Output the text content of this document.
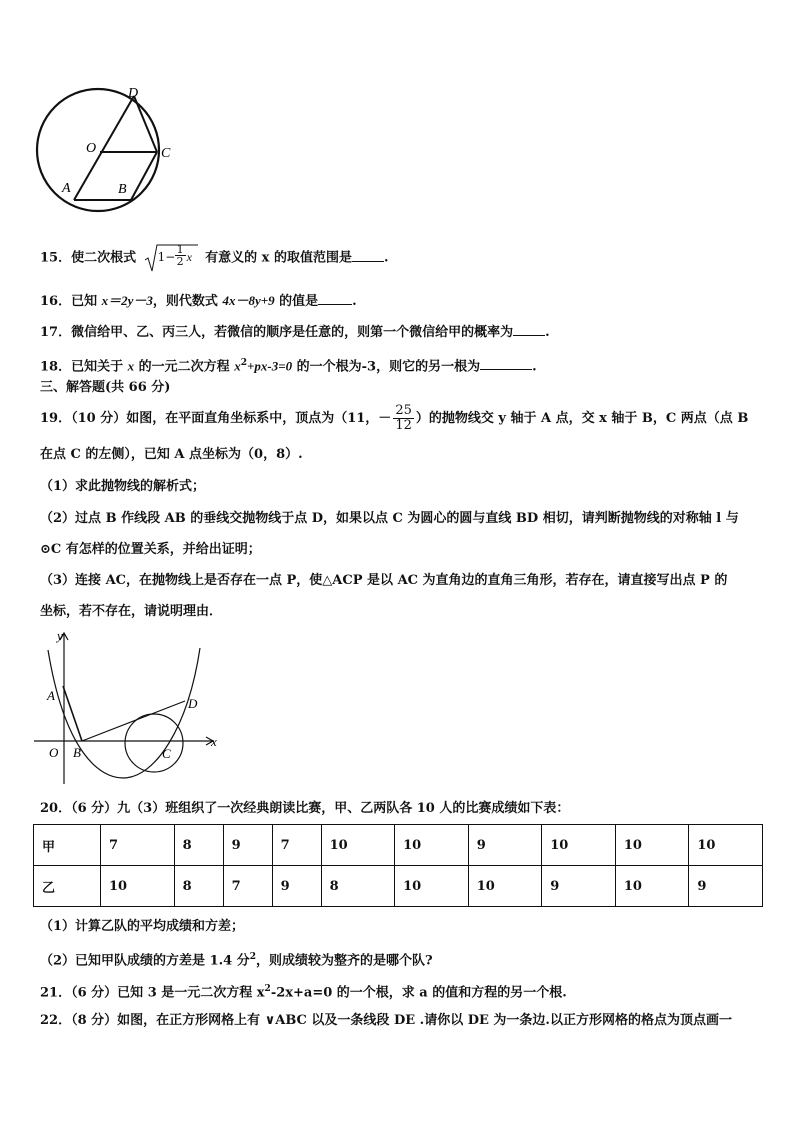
D
O	C
A	B
15．使二次根式 $1- \frac{1}{2}$ x 有意义的 x 的取值范围是 .
16．已知 x＝2y－3，则代数式 4x－8y+9 的值是	.
17．微信给甲、乙、丙三人，若微信的顺序是任意的，则第一个微信给甲的概率为 .
18．已知关于 x 的一元二次方程 $x^2+px-3=0$ 的一个根为-3，则它的另一根为	.
三、解答题(共 66 分)
19．（10 分）如图，在平面直角坐标系中，顶点为（11，－ $\frac{25}{12}$ ）的抛物线交 y 轴于 A 点，交 x 轴于 B，C 两点（点 B
在点 C 的左侧），已知 A 点坐标为（0，8）.
（1）求此抛物线的解析式；
（2）过点 B 作线段 AB 的垂线交抛物线于点 D，如果以点 C 为圆心的圆与直线 BD 相切，请判断抛物线的对称轴 l 与
⊙C 有怎样的位置关系，并给出证明；
（3）连接 AC，在抛物线上是否存在一点 P，使△ACP 是以 AC 为直角边的直角三角形，若存在，请直接写出点 P 的
坐标，若不存在，请说明理由．
y
x
A
O B	C
D
20．（6 分）九（3）班组织了一次经典朗读比赛，甲、乙两队各 10 人的比赛成绩如下表：
甲	7	8	9	7	10	10	9	10	10	10
乙	10	8	7	9	8	10	10	9	10	9
（1）计算乙队的平均成绩和方差；
（2）已知甲队成绩的方差是 1.4 分$^2$，则成绩较为整齐的是哪个队?
21．（6 分）已知 3 是一元二次方程 $x^2-2x+a=0$ 的一个根，求 a 的值和方程的另一个根.
22．（8 分）如图，在正方形网格上有 ∨ABC 以及一条线段 DE .请你以 DE 为一条边.以正方形网格的格点为顶点画一
